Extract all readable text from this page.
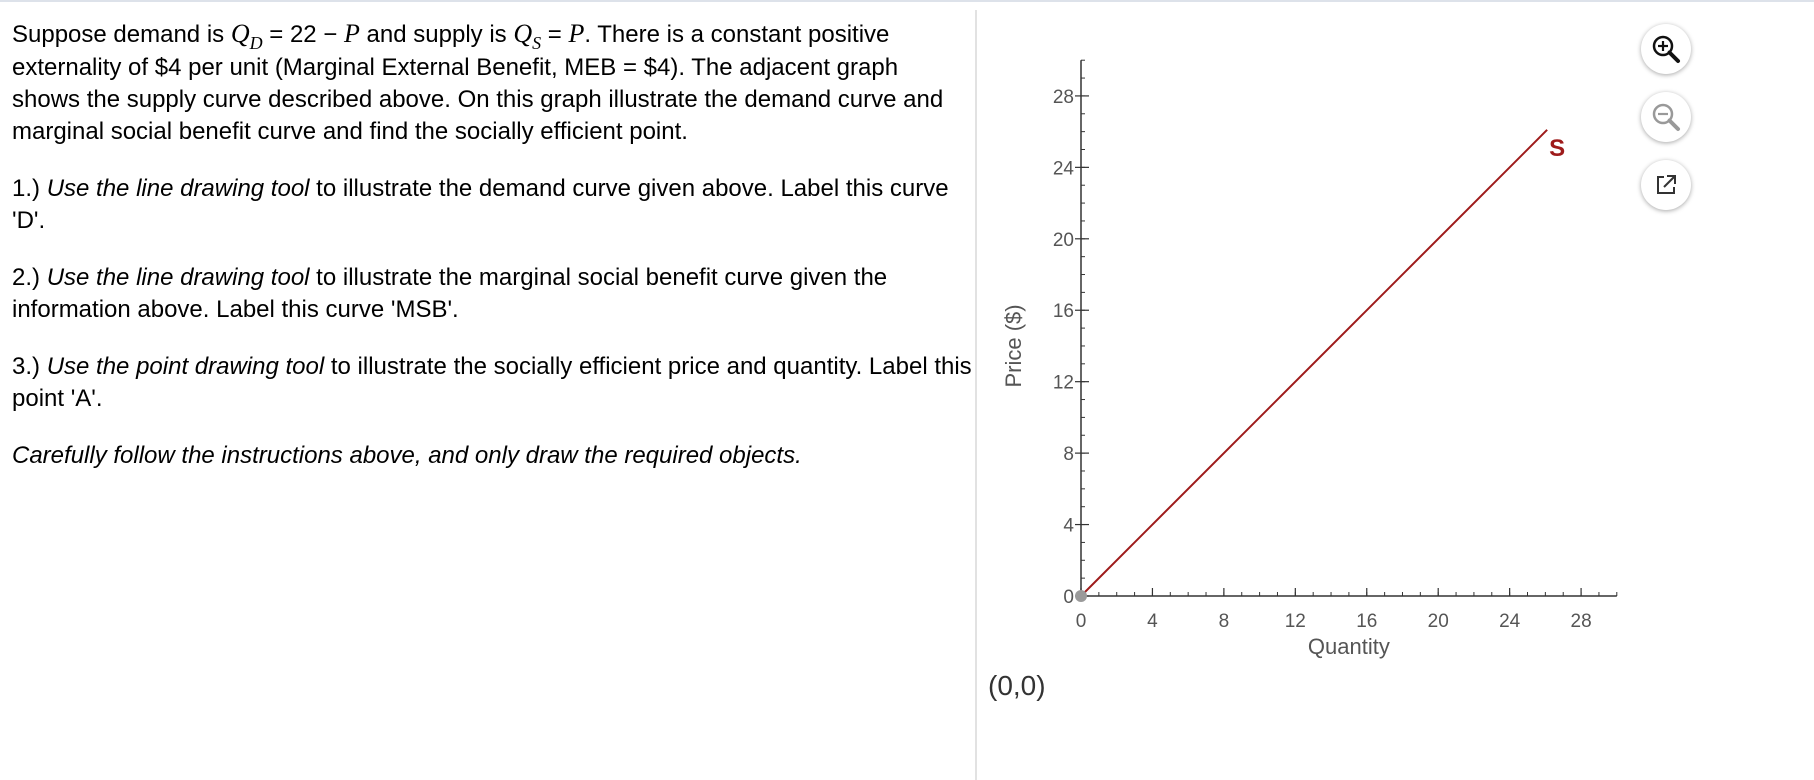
Suppose demand is $Q_D = 22 - P$ and supply is $Q_S = P$. There is a constant positive externality of $4 per unit (Marginal External Benefit, MEB = $4). The adjacent graph shows the supply curve described above. On this graph illustrate the demand curve and marginal social benefit curve and find the socially efficient point.

1.) Use the line drawing tool to illustrate the demand curve given above. Label this curve 'D'.

2.) Use the line drawing tool to illustrate the marginal social benefit curve given the information above. Label this curve 'MSB'.

3.) Use the point drawing tool to illustrate the socially efficient price and quantity. Label this point 'A'.

Carefully follow the instructions above, and only draw the required objects.

0	4	8	12	16	20	24	28
0
4
8
12
16
20
24
28
Quantity
Price ($)
S
(0,0)
